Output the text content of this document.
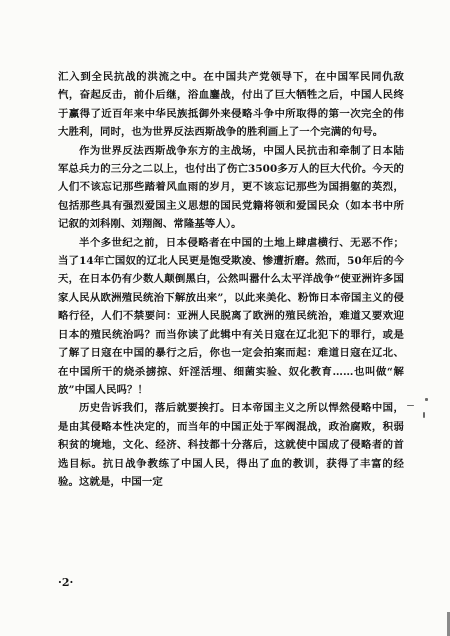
汇入到全民抗战的洪流之中。在中国共产党领导下，在中国军民同仇敌忾，奋起反击，前仆后继，浴血鏖战，付出了巨大牺牲之后，中国人民终于赢得了近百年来中华民族抵御外来侵略斗争中所取得的第一次完全的伟大胜利，同时，也为世界反法西斯战争的胜利画上了一个完满的句号。

作为世界反法西斯战争东方的主战场，中国人民抗击和牵制了日本陆军总兵力的三分之二以上，也付出了伤亡3500多万人的巨大代价。今天的人们不该忘记那些踏着风血雨的岁月，更不该忘记那些为国捐躯的英烈，包括那些具有强烈爱国主义思想的国民党籍将领和爱国民众（如本书中所记叙的刘科刚、刘翔阁、常隆基等人）。

半个多世纪之前，日本侵略者在中国的土地上肆虐横行、无恶不作；当了14年亡国奴的辽北人民更是饱受欺凌、惨遭折磨。然而，50年后的今天，在日本仍有少数人颠倒黑白，公然叫嚣什么太平洋战争“使亚洲许多国家人民从欧洲殖民统治下解放出来”，以此来美化、粉饰日本帝国主义的侵略行径，人们不禁要问：亚洲人民脱离了欧洲的殖民统治，难道又要欢迎日本的殖民统治吗？而当你读了此辑中有关日寇在辽北犯下的罪行，或是了解了日寇在中国的暴行之后，你也一定会拍案而起：难道日寇在辽北、在中国所干的烧杀掳掠、奸淫活埋、细菌实验、奴化教育……也叫做“解放”中国人民吗？！

历史告诉我们，落后就要挨打。日本帝国主义之所以悍然侵略中国，是由其侵略本性决定的，而当年的中国正处于军阀混战，政治腐败，积弱积贫的境地，文化、经济、科技都十分落后，这就使中国成了侵略者的首选目标。抗日战争教练了中国人民，得出了血的教训，获得了丰富的经验。这就是，中国一定

·2·
